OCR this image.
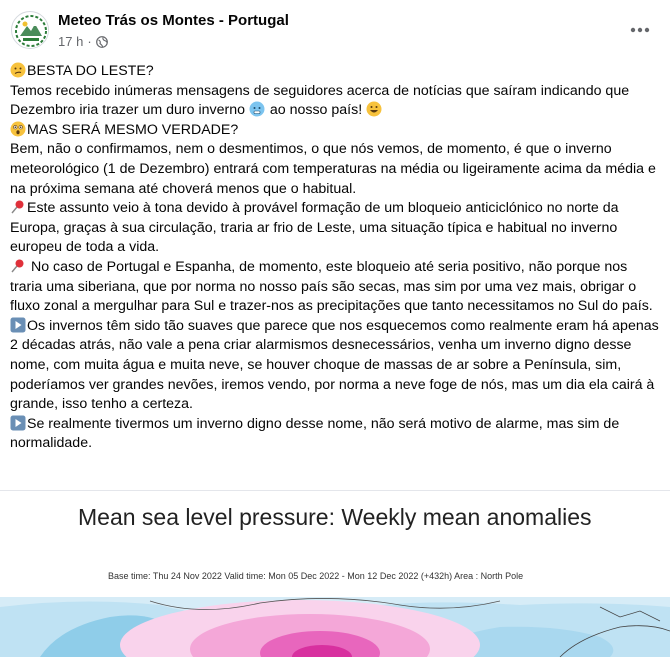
Meteo Trás os Montes - Portugal
17 h ·

BESTA DO LESTE?

Temos recebido inúmeras mensagens de seguidores acerca de notícias que saíram indicando que Dezembro iria trazer um duro inverno  ao nosso país!

MAS SERÁ MESMO VERDADE?

Bem, não o confirmamos, nem o desmentimos, o que nós vemos, de momento, é que o inverno meteorológico (1 de Dezembro) entrará com temperaturas na média ou ligeiramente acima da média e na próxima semana até choverá menos que o habitual.

Este assunto veio à tona devido à provável formação de um bloqueio anticiclónico no norte da Europa, graças à sua circulação, traria ar frio de Leste, uma situação típica e habitual no inverno europeu de toda a vida.

No caso de Portugal e Espanha, de momento, este bloqueio até seria positivo, não porque nos traria uma siberiana, que por norma no nosso país são secas, mas sim por uma vez mais, obrigar o fluxo zonal a mergulhar para Sul e trazer-nos as precipitações que tanto necessitamos no Sul do país.

Os invernos têm sido tão suaves que parece que nos esquecemos como realmente eram há apenas 2 décadas atrás, não vale a pena criar alarmismos desnecessários, venha um inverno digno desse nome, com muita água e muita neve, se houver choque de massas de ar sobre a Península, sim, poderíamos ver grandes nevões, iremos vendo, por norma a neve foge de nós, mas um dia ela cairá à grande, isso tenho a certeza.

Se realmente tivermos um inverno digno desse nome, não será motivo de alarme, mas sim de normalidade.

Mean sea level pressure: Weekly mean anomalies
Base time: Thu 24 Nov 2022 Valid time: Mon 05 Dec 2022 - Mon 12 Dec 2022 (+432h) Area : North Pole
